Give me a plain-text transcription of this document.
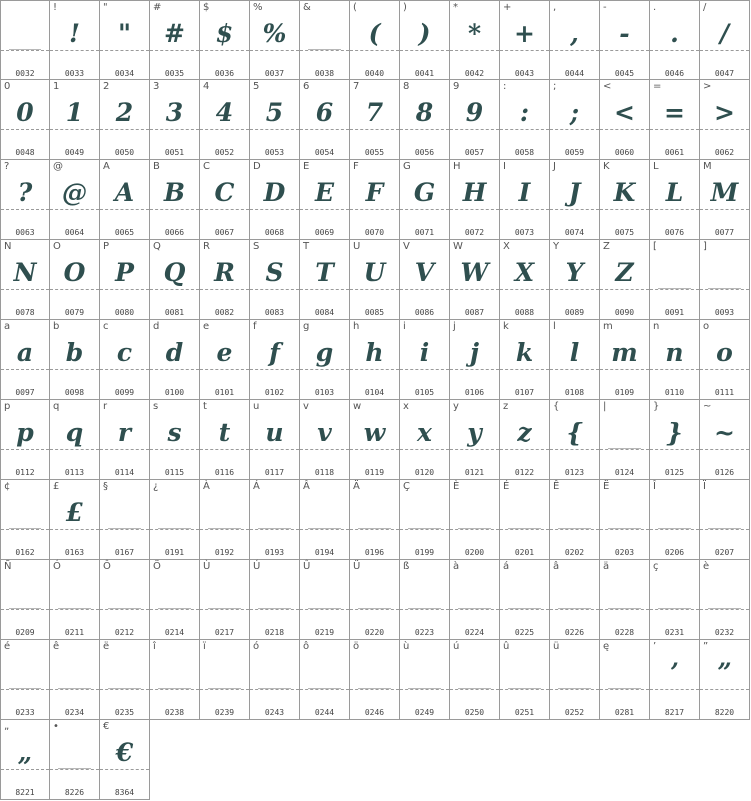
0032
!
!
0033
"
"
0034
#
#
0035
$
$
0036
%
%
0037
&
0038
(
(
0040
)
)
0041
*
*
0042
+
+
0043
,
,
0044
-
-
0045
.
.
0046
/
/
0047
0
0
0048
1
1
0049
2
2
0050
3
3
0051
4
4
0052
5
5
0053
6
6
0054
7
7
0055
8
8
0056
9
9
0057
:
:
0058
;
;
0059
<
<
0060
=
=
0061
>
>
0062
?
?
0063
@
@
0064
A
A
0065
B
B
0066
C
C
0067
D
D
0068
E
E
0069
F
F
0070
G
G
0071
H
H
0072
I
I
0073
J
J
0074
K
K
0075
L
L
0076
M
M
0077
N
N
0078
O
O
0079
P
P
0080
Q
Q
0081
R
R
0082
S
S
0083
T
T
0084
U
U
0085
V
V
0086
W
W
0087
X
X
0088
Y
Y
0089
Z
Z
0090
[
0091
]
0093
a
a
0097
b
b
0098
c
c
0099
d
d
0100
e
e
0101
f
f
0102
g
g
0103
h
h
0104
i
i
0105
j
j
0106
k
k
0107
l
l
0108
m
m
0109
n
n
0110
o
o
0111
p
p
0112
q
q
0113
r
r
0114
s
s
0115
t
t
0116
u
u
0117
v
v
0118
w
w
0119
x
x
0120
y
y
0121
z
z
0122
{
{
0123
|
0124
}
}
0125
~
~
0126
¢
0162
£
£
0163
§
0167
¿
0191
À
0192
Á
0193
Â
0194
Ä
0196
Ç
0199
È
0200
É
0201
Ê
0202
Ë
0203
Î
0206
Ï
0207
Ñ
0209
Ó
0211
Ô
0212
Ö
0214
Ù
0217
Ú
0218
Û
0219
Ü
0220
ß
0223
à
0224
á
0225
â
0226
ä
0228
ç
0231
è
0232
é
0233
ê
0234
ë
0235
î
0238
ï
0239
ó
0243
ô
0244
ö
0246
ù
0249
ú
0250
û
0251
ü
0252
ę
0281
’
’
8217
”
”
8220
„
„
8221
•
8226
€
€
8364
